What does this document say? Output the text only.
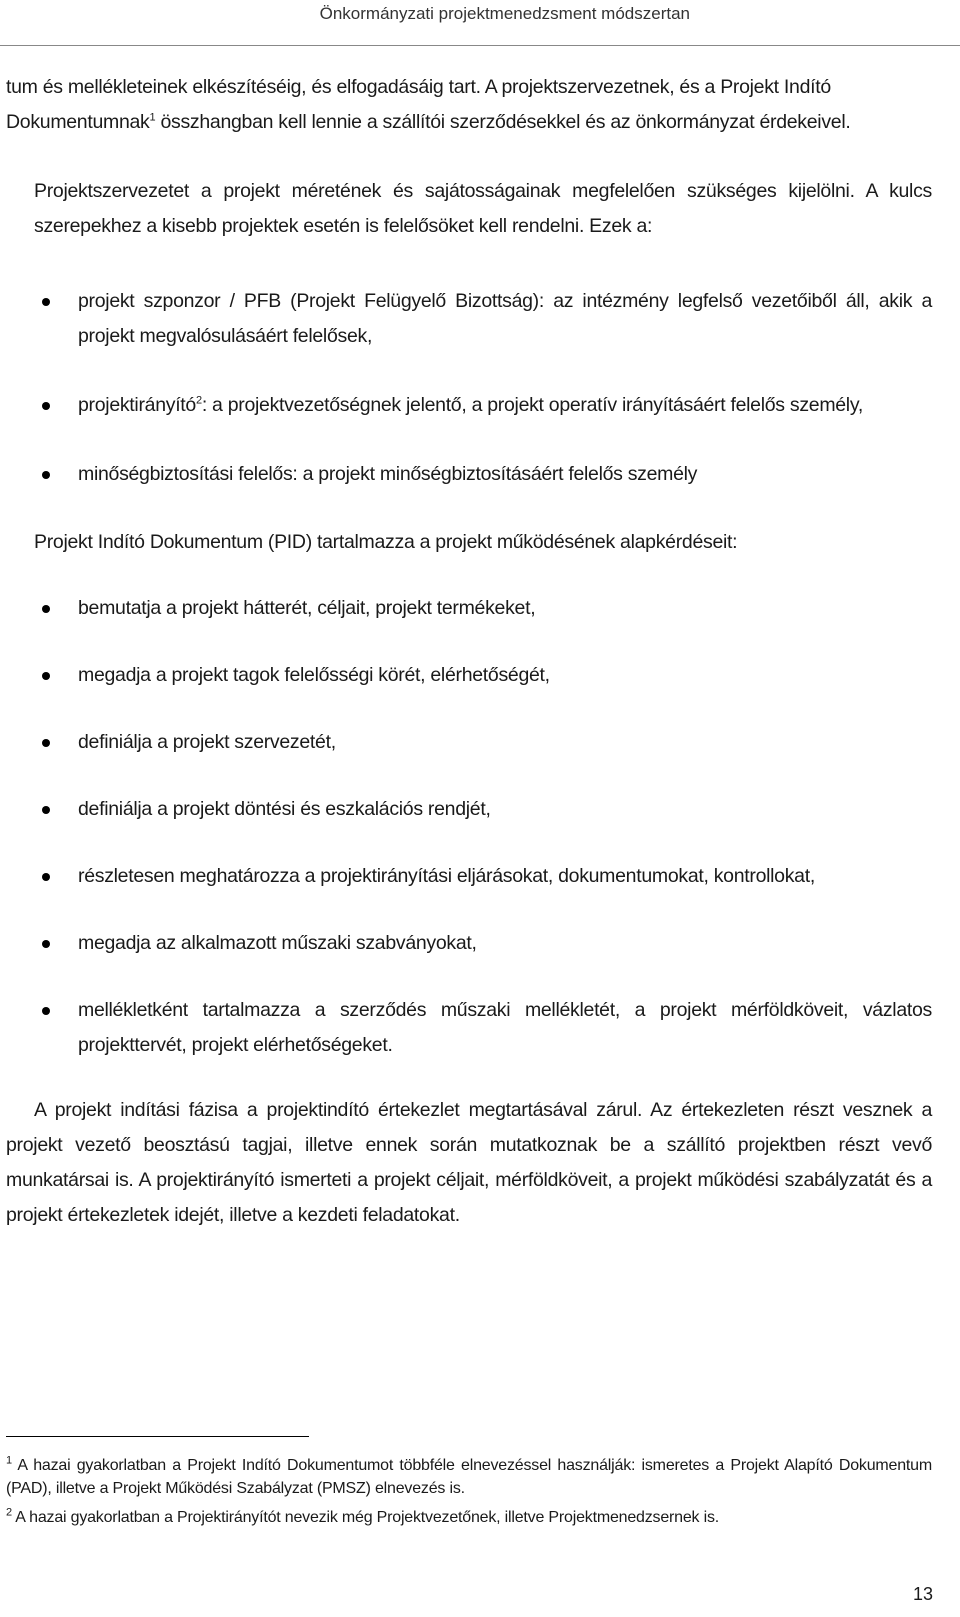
Önkormányzati projektmenedzsment módszertan

tum és mellékleteinek elkészítéséig, és elfogadásáig tart. A projektszervezetnek, és a Projekt Indító

Dokumentumnak$^1$ összhangban kell lennie a szállítói szerződésekkel és az önkormányzat érdekeivel.

Projektszervezetet a projekt méretének és sajátosságainak megfelelően szükséges kijelölni. A kulcs szerepekhez a kisebb projektek esetén is felelősöket kell rendelni. Ezek a:

projekt szponzor / PFB (Projekt Felügyelő Bizottság): az intézmény legfelső vezetőiből áll, akik a projekt megvalósulásáért felelősek,
projektirányító$^2$: a projektvezetőségnek jelentő, a projekt operatív irányításáért felelős személy,
minőségbiztosítási felelős: a projekt minőségbiztosításáért felelős személy

Projekt Indító Dokumentum (PID) tartalmazza a projekt működésének alapkérdéseit:

bemutatja a projekt hátterét, céljait, projekt termékeket,
megadja a projekt tagok felelősségi körét, elérhetőségét,
definiálja a projekt szervezetét,
definiálja a projekt döntési és eszkalációs rendjét,
részletesen meghatározza a projektirányítási eljárásokat, dokumentumokat, kontrollokat,
megadja az alkalmazott műszaki szabványokat,
mellékletként tartalmazza a szerződés műszaki mellékletét, a projekt mérföldköveit, vázlatos projekttervét, projekt elérhetőségeket.

A projekt indítási fázisa a projektindító értekezlet megtartásával zárul. Az értekezleten részt vesznek a projekt vezető beosztású tagjai, illetve ennek során mutatkoznak be a szállító projektben részt vevő munkatársai is. A projektirányító ismerteti a projekt céljait, mérföldköveit, a projekt működési szabályzatát és a projekt értekezletek idejét, illetve a kezdeti feladatokat.

$^1$ A hazai gyakorlatban a Projekt Indító Dokumentumot többféle elnevezéssel használják: ismeretes a Projekt Alapító Dokumentum (PAD), illetve a Projekt Működési Szabályzat (PMSZ) elnevezés is.

$^2$ A hazai gyakorlatban a Projektirányítót nevezik még Projektvezetőnek, illetve Projektmenedzsernek is.

13
